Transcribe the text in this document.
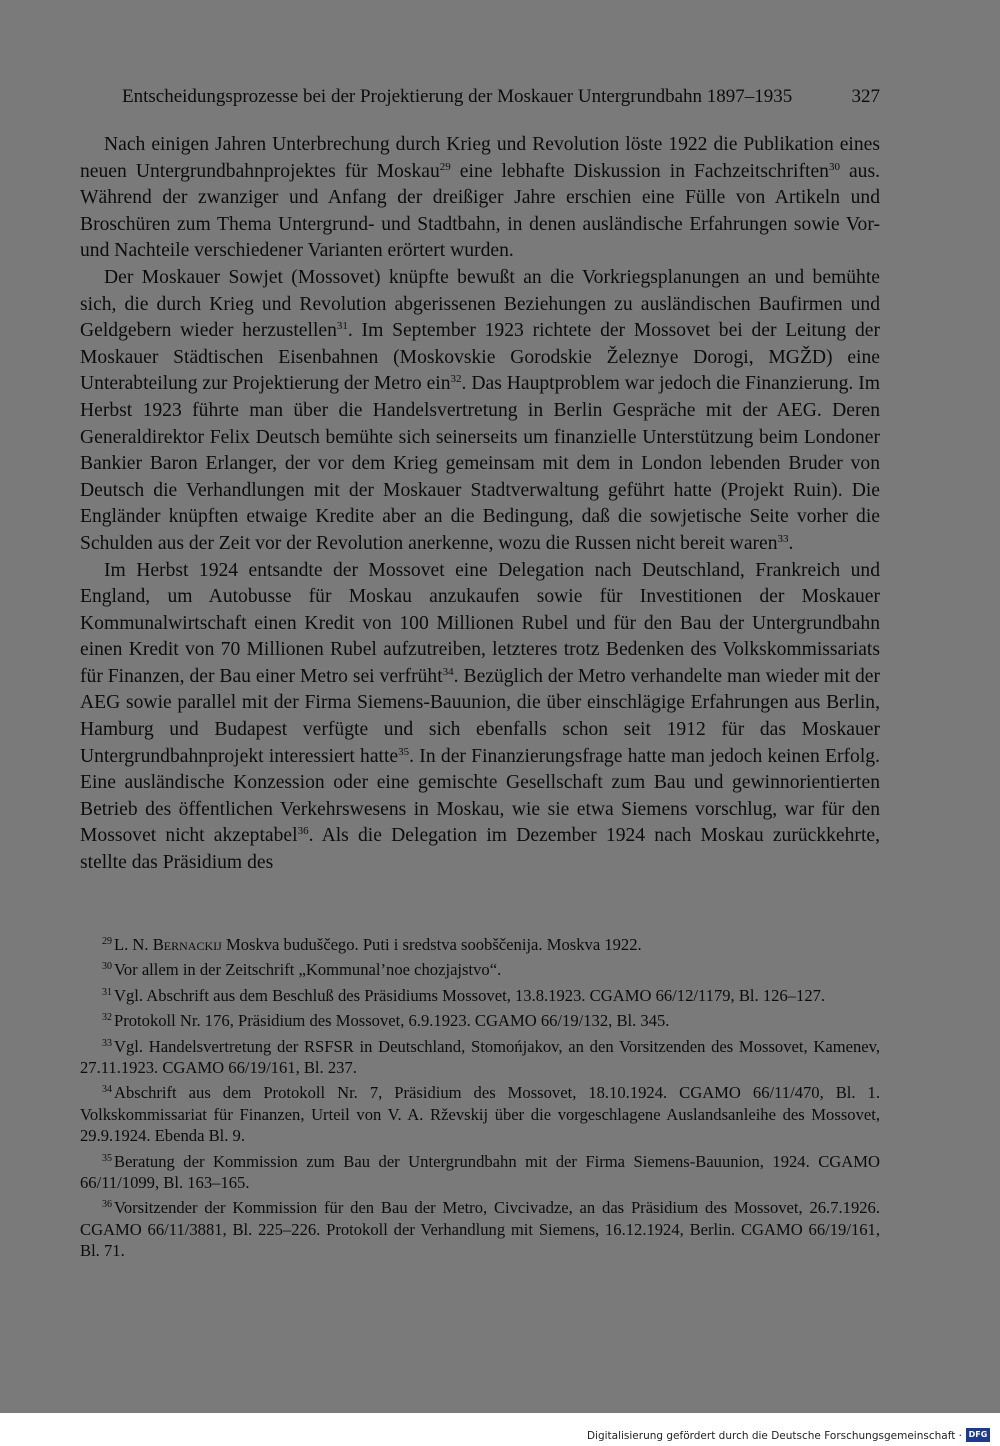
Entscheidungsprozesse bei der Projektierung der Moskauer Untergrundbahn 1897–1935	327

Nach einigen Jahren Unterbrechung durch Krieg und Revolution löste 1922 die Publikation eines neuen Untergrundbahnprojektes für Moskau$^{29}$ eine lebhafte Diskussion in Fachzeitschriften$^{30}$ aus. Während der zwanziger und Anfang der dreißiger Jahre erschien eine Fülle von Artikeln und Broschüren zum Thema Untergrund- und Stadtbahn, in denen ausländische Erfahrungen sowie Vor- und Nachteile verschiedener Varianten erörtert wurden.

Der Moskauer Sowjet (Mossovet) knüpfte bewußt an die Vorkriegsplanungen an und bemühte sich, die durch Krieg und Revolution abgerissenen Beziehungen zu ausländischen Baufirmen und Geldgebern wieder herzustellen$^{31}$. Im September 1923 richtete der Mossovet bei der Leitung der Moskauer Städtischen Eisenbahnen (Moskovskie Gorodskie Železnye Dorogi, MGŽD) eine Unterabteilung zur Projektierung der Metro ein$^{32}$. Das Hauptproblem war jedoch die Finanzierung. Im Herbst 1923 führte man über die Handelsvertretung in Berlin Gespräche mit der AEG. Deren Generaldirektor Felix Deutsch bemühte sich seinerseits um finanzielle Unterstützung beim Londoner Bankier Baron Erlanger, der vor dem Krieg gemeinsam mit dem in London lebenden Bruder von Deutsch die Verhandlungen mit der Moskauer Stadtverwaltung geführt hatte (Projekt Ruin). Die Engländer knüpften etwaige Kredite aber an die Bedingung, daß die sowjetische Seite vorher die Schulden aus der Zeit vor der Revolution anerkenne, wozu die Russen nicht bereit waren$^{33}$.

Im Herbst 1924 entsandte der Mossovet eine Delegation nach Deutschland, Frankreich und England, um Autobusse für Moskau anzukaufen sowie für Investitionen der Moskauer Kommunalwirtschaft einen Kredit von 100 Millionen Rubel und für den Bau der Untergrundbahn einen Kredit von 70 Millionen Rubel aufzutreiben, letzteres trotz Bedenken des Volkskommissariats für Finanzen, der Bau einer Metro sei verfrüht$^{34}$. Bezüglich der Metro verhandelte man wieder mit der AEG sowie parallel mit der Firma Siemens-Bauunion, die über einschlägige Erfahrungen aus Berlin, Hamburg und Budapest verfügte und sich ebenfalls schon seit 1912 für das Moskauer Untergrundbahnprojekt interessiert hatte$^{35}$. In der Finanzierungsfrage hatte man jedoch keinen Erfolg. Eine ausländische Konzession oder eine gemischte Gesellschaft zum Bau und gewinnorientierten Betrieb des öffentlichen Verkehrswesens in Moskau, wie sie etwa Siemens vorschlug, war für den Mossovet nicht akzeptabel$^{36}$. Als die Delegation im Dezember 1924 nach Moskau zurückkehrte, stellte das Präsidium des

$^{29}$ L. N. Bernackij Moskva buduščego. Puti i sredstva soobščenija. Moskva 1922.

$^{30}$ Vor allem in der Zeitschrift „Kommunal’noe chozjajstvo“.

$^{31}$ Vgl. Abschrift aus dem Beschluß des Präsidiums Mossovet, 13.8.1923. CGAMO 66/12/1179, Bl. 126–127.

$^{32}$ Protokoll Nr. 176, Präsidium des Mossovet, 6.9.1923. CGAMO 66/19/132, Bl. 345.

$^{33}$ Vgl. Handelsvertretung der RSFSR in Deutschland, Stomońjakov, an den Vorsitzenden des Mossovet, Kamenev, 27.11.1923. CGAMO 66/19/161, Bl. 237.

$^{34}$ Abschrift aus dem Protokoll Nr. 7, Präsidium des Mossovet, 18.10.1924. CGAMO 66/11/470, Bl. 1. Volkskommissariat für Finanzen, Urteil von V. A. Rževskij über die vorgeschlagene Auslandsanleihe des Mossovet, 29.9.1924. Ebenda Bl. 9.

$^{35}$ Beratung der Kommission zum Bau der Untergrundbahn mit der Firma Siemens-Bauunion, 1924. CGAMO 66/11/1099, Bl. 163–165.

$^{36}$ Vorsitzender der Kommission für den Bau der Metro, Civcivadze, an das Präsidium des Mossovet, 26.7.1926. CGAMO 66/11/3881, Bl. 225–226. Protokoll der Verhandlung mit Siemens, 16.12.1924, Berlin. CGAMO 66/19/161, Bl. 71.

Digitalisierung gefördert durch die Deutsche Forschungsgemeinschaft · DFG
